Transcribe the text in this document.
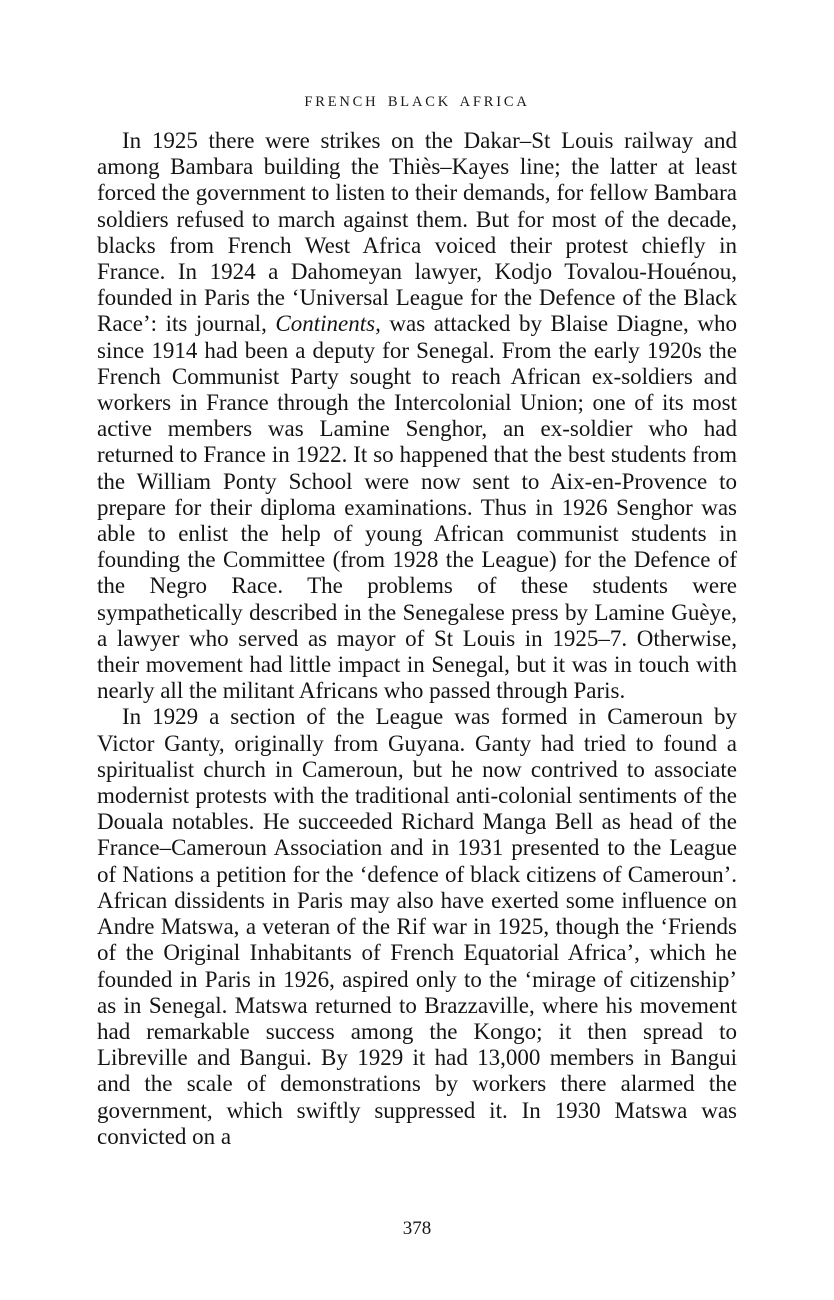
FRENCH BLACK AFRICA

In 1925 there were strikes on the Dakar–St Louis railway and among Bambara building the Thiès–Kayes line; the latter at least forced the government to listen to their demands, for fellow Bambara soldiers refused to march against them. But for most of the decade, blacks from French West Africa voiced their protest chiefly in France. In 1924 a Dahomeyan lawyer, Kodjo Tovalou-Houénou, founded in Paris the ‘Universal League for the Defence of the Black Race’: its journal, Continents, was attacked by Blaise Diagne, who since 1914 had been a deputy for Senegal. From the early 1920s the French Communist Party sought to reach African ex-soldiers and workers in France through the Intercolonial Union; one of its most active members was Lamine Senghor, an ex-soldier who had returned to France in 1922. It so happened that the best students from the William Ponty School were now sent to Aix-en-Provence to prepare for their diploma examinations. Thus in 1926 Senghor was able to enlist the help of young African communist students in founding the Committee (from 1928 the League) for the Defence of the Negro Race. The problems of these students were sympathetically described in the Senegalese press by Lamine Guèye, a lawyer who served as mayor of St Louis in 1925–7. Otherwise, their movement had little impact in Senegal, but it was in touch with nearly all the militant Africans who passed through Paris.

In 1929 a section of the League was formed in Cameroun by Victor Ganty, originally from Guyana. Ganty had tried to found a spiritualist church in Cameroun, but he now contrived to associate modernist protests with the traditional anti-colonial sentiments of the Douala notables. He succeeded Richard Manga Bell as head of the France–Cameroun Association and in 1931 presented to the League of Nations a petition for the ‘defence of black citizens of Cameroun’. African dissidents in Paris may also have exerted some influence on Andre Matswa, a veteran of the Rif war in 1925, though the ‘Friends of the Original Inhabitants of French Equatorial Africa’, which he founded in Paris in 1926, aspired only to the ‘mirage of citizenship’ as in Senegal. Matswa returned to Brazzaville, where his movement had remarkable success among the Kongo; it then spread to Libreville and Bangui. By 1929 it had 13,000 members in Bangui and the scale of demonstrations by workers there alarmed the government, which swiftly suppressed it. In 1930 Matswa was convicted on a

378
